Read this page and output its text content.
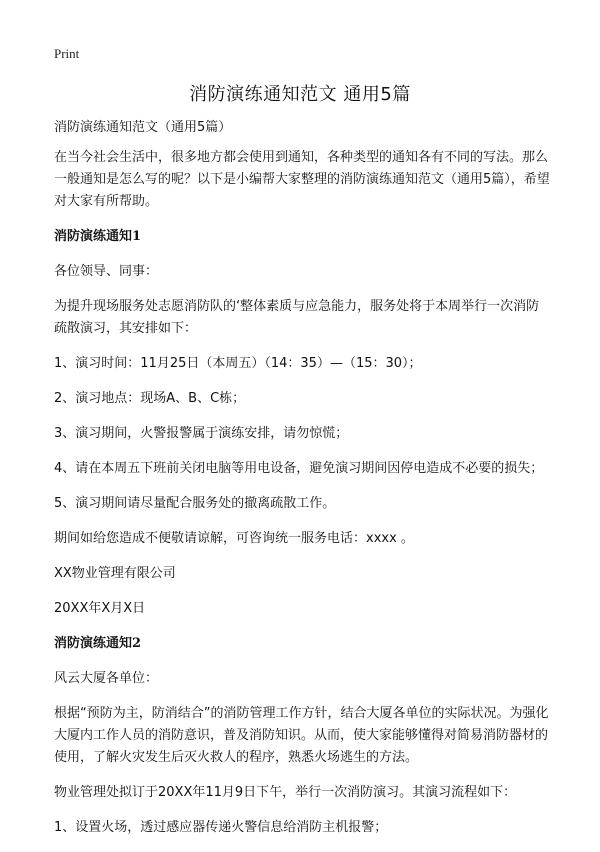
Print
消防演练通知范文 通用5篇

消防演练通知范文（通用5篇）

在当今社会生活中，很多地方都会使用到通知，各种类型的通知各有不同的写法。那么一般通知是怎么写的呢？以下是小编帮大家整理的消防演练通知范文（通用5篇），希望对大家有所帮助。

消防演练通知1

各位领导、同事：

为提升现场服务处志愿消防队的‘整体素质与应急能力，服务处将于本周举行一次消防疏散演习，其安排如下：

1、演习时间：11月25日（本周五）（14：35）—（15：30）；

2、演习地点：现场A、B、C栋；

3、演习期间，火警报警属于演练安排，请勿惊慌；

4、请在本周五下班前关闭电脑等用电设备，避免演习期间因停电造成不必要的损失；

5、演习期间请尽量配合服务处的撤离疏散工作。

期间如给您造成不便敬请谅解，可咨询统一服务电话：xxxx 。

XX物业管理有限公司

20XX年X月X日

消防演练通知2

风云大厦各单位：

根据“预防为主，防消结合”的消防管理工作方针，结合大厦各单位的实际状况。为强化大厦内工作人员的消防意识，普及消防知识。从而，使大家能够懂得对简易消防器材的使用，了解火灾发生后灭火救人的程序，熟悉火场逃生的方法。

物业管理处拟订于20XX年11月9日下午，举行一次消防演习。其演习流程如下：

1、设置火场，透过感应器传递火警信息给消防主机报警；
